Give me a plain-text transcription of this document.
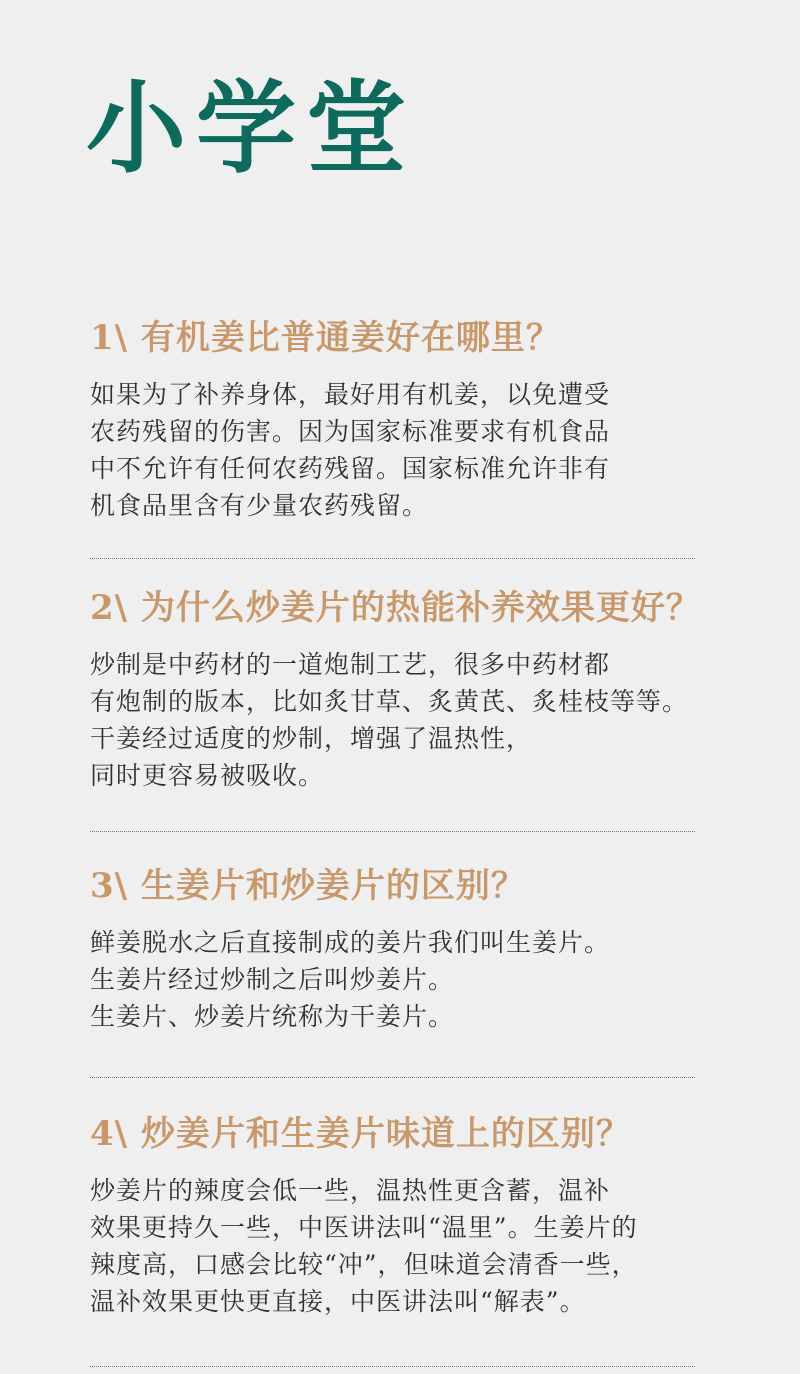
小学堂
1\ 有机姜比普通姜好在哪里？
如果为了补养身体，最好用有机姜，以免遭受
农药残留的伤害。因为国家标准要求有机食品
中不允许有任何农药残留。国家标准允许非有
机食品里含有少量农药残留。
2\ 为什么炒姜片的热能补养效果更好？
炒制是中药材的一道炮制工艺，很多中药材都
有炮制的版本，比如炙甘草、炙黄芪、炙桂枝等等。
干姜经过适度的炒制，增强了温热性，
同时更容易被吸收。
3\ 生姜片和炒姜片的区别？
鲜姜脱水之后直接制成的姜片我们叫生姜片。
生姜片经过炒制之后叫炒姜片。
生姜片、炒姜片统称为干姜片。
4\ 炒姜片和生姜片味道上的区别？
炒姜片的辣度会低一些，温热性更含蓄，温补
效果更持久一些，中医讲法叫“温里”。生姜片的
辣度高，口感会比较“冲”，但味道会清香一些，
温补效果更快更直接，中医讲法叫“解表”。
